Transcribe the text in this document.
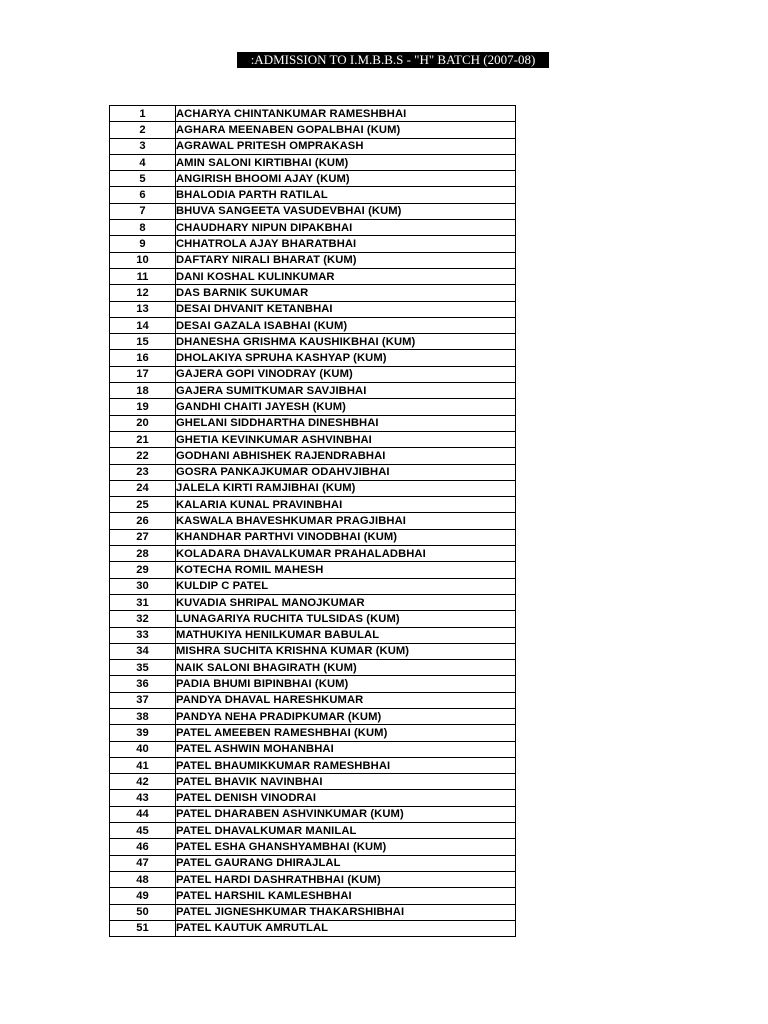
:ADMISSION TO I.M.B.B.S - "H" BATCH (2007-08)
1	ACHARYA CHINTANKUMAR RAMESHBHAI
2	AGHARA MEENABEN GOPALBHAI (KUM)
3	AGRAWAL PRITESH OMPRAKASH
4	AMIN SALONI KIRTIBHAI (KUM)
5	ANGIRISH BHOOMI AJAY (KUM)
6	BHALODIA PARTH RATILAL
7	BHUVA SANGEETA VASUDEVBHAI (KUM)
8	CHAUDHARY NIPUN DIPAKBHAI
9	CHHATROLA AJAY BHARATBHAI
10	DAFTARY NIRALI BHARAT (KUM)
11	DANI KOSHAL KULINKUMAR
12	DAS BARNIK SUKUMAR
13	DESAI DHVANIT KETANBHAI
14	DESAI GAZALA ISABHAI (KUM)
15	DHANESHA GRISHMA KAUSHIKBHAI (KUM)
16	DHOLAKIYA SPRUHA KASHYAP (KUM)
17	GAJERA GOPI VINODRAY (KUM)
18	GAJERA SUMITKUMAR SAVJIBHAI
19	GANDHI CHAITI JAYESH (KUM)
20	GHELANI SIDDHARTHA DINESHBHAI
21	GHETIA KEVINKUMAR ASHVINBHAI
22	GODHANI ABHISHEK RAJENDRABHAI
23	GOSRA PANKAJKUMAR ODAHVJIBHAI
24	JALELA KIRTI RAMJIBHAI (KUM)
25	KALARIA KUNAL PRAVINBHAI
26	KASWALA BHAVESHKUMAR PRAGJIBHAI
27	KHANDHAR PARTHVI VINODBHAI (KUM)
28	KOLADARA DHAVALKUMAR PRAHALADBHAI
29	KOTECHA ROMIL MAHESH
30	KULDIP C PATEL
31	KUVADIA SHRIPAL MANOJKUMAR
32	LUNAGARIYA RUCHITA TULSIDAS (KUM)
33	MATHUKIYA HENILKUMAR BABULAL
34	MISHRA SUCHITA KRISHNA KUMAR (KUM)
35	NAIK SALONI BHAGIRATH (KUM)
36	PADIA BHUMI BIPINBHAI (KUM)
37	PANDYA DHAVAL HARESHKUMAR
38	PANDYA NEHA PRADIPKUMAR (KUM)
39	PATEL AMEEBEN RAMESHBHAI (KUM)
40	PATEL ASHWIN MOHANBHAI
41	PATEL BHAUMIKKUMAR RAMESHBHAI
42	PATEL BHAVIK NAVINBHAI
43	PATEL DENISH VINODRAI
44	PATEL DHARABEN ASHVINKUMAR (KUM)
45	PATEL DHAVALKUMAR MANILAL
46	PATEL ESHA GHANSHYAMBHAI (KUM)
47	PATEL GAURANG DHIRAJLAL
48	PATEL HARDI DASHRATHBHAI (KUM)
49	PATEL HARSHIL KAMLESHBHAI
50	PATEL JIGNESHKUMAR THAKARSHIBHAI
51	PATEL KAUTUK AMRUTLAL
